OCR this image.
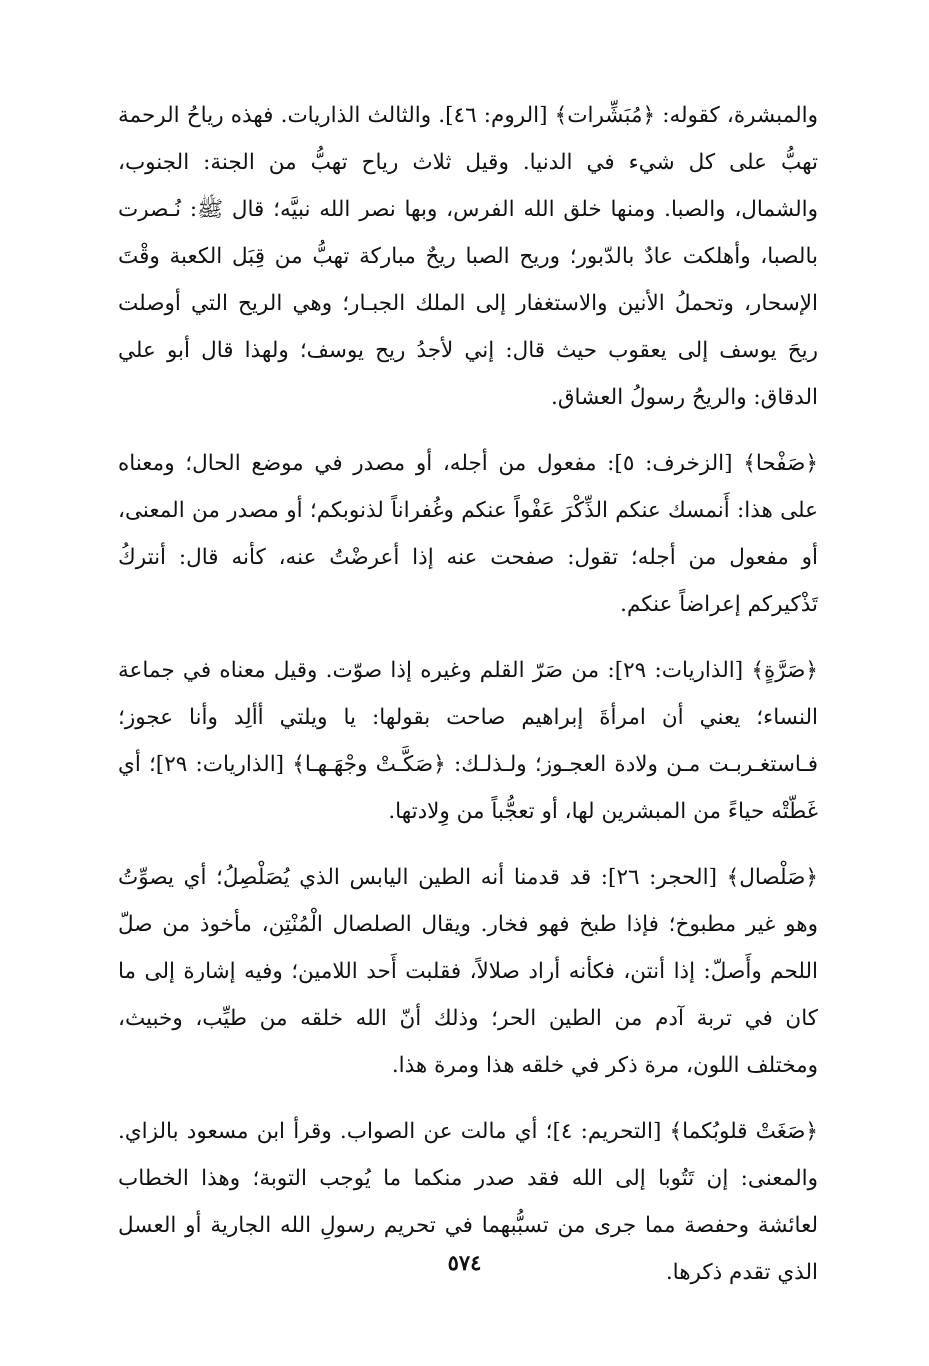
والمبشرة، كقوله: ﴿مُبَشِّرات﴾ [الروم: ٤٦]. والثالث الذاريات. فهذه رياحُ الرحمة تهبُّ على كل شيء في الدنيا. وقيل ثلاث رياح تهبُّ من الجنة: الجنوب، والشمال، والصبا. ومنها خلق الله الفرس، وبها نصر الله نبيَّه؛ قال ﷺ: نُـصرت بالصبا، وأهلكت عادٌ بالدّبور؛ وريح الصبا ريحٌ مباركة تهبُّ من قِبَل الكعبة وقْتَ الإسحار، وتحملُ الأنين والاستغفار إلى الملك الجبـار؛ وهي الريح التي أوصلت ريحَ يوسف إلى يعقوب حيث قال: إني لأجدُ ريح يوسف؛ ولهذا قال أبو علي الدقاق: والريحُ رسولُ العشاق.

﴿صَفْحا﴾ [الزخرف: ٥]: مفعول من أجله، أو مصدر في موضع الحال؛ ومعناه على هذا: أَنمسك عنكم الذِّكْرَ عَفْواً عنكم وغُفراناً لذنوبكم؛ أو مصدر من المعنى، أو مفعول من أجله؛ تقول: صفحت عنه إذا أعرضْتُ عنه، كأنه قال: أنتركُ تَذْكيركم إعراضاً عنكم.

﴿صَرَّةٍ﴾ [الذاريات: ٢٩]: من صَرّ القلم وغيره إذا صوّت. وقيل معناه في جماعة النساء؛ يعني أن امرأةَ إبراهيم صاحت بقولها: يا ويلتي أألِد وأنا عجوز؛ فـاستغـربـت مـن ولادة العجـوز؛ ولـذلـك: ﴿صَكَّـتْ وجْهَـهـا﴾ [الذاريات: ٢٩]؛ أي غَطّتْه حياءً من المبشرين لها، أو تعجُّباً من وِلادتها.

﴿صَلْصال﴾ [الحجر: ٢٦]: قد قدمنا أنه الطين اليابس الذي يُصَلْصِلُ؛ أي يصوِّتُ وهو غير مطبوخ؛ فإذا طبخ فهو فخار. ويقال الصلصال الْمُنْتِن، مأخوذ من صلّ اللحم وأَصلّ: إذا أنتن، فكأنه أراد صلالاً، فقلبت أَحد اللامين؛ وفيه إشارة إلى ما كان في تربة آدم من الطين الحر؛ وذلك أنّ الله خلقه من طيِّب، وخبيث، ومختلف اللون، مرة ذكر في خلقه هذا ومرة هذا.

﴿صَغَتْ قلوبُكما﴾ [التحريم: ٤]؛ أي مالت عن الصواب. وقرأ ابن مسعود بالزاي. والمعنى: إن تَتُوبا إلى الله فقد صدر منكما ما يُوجب التوبة؛ وهذا الخطاب لعائشة وحفصة مما جرى من تسبُّبهما في تحريم رسولِ الله الجارية أو العسل الذي تقدم ذكرها.

٥٧٤
